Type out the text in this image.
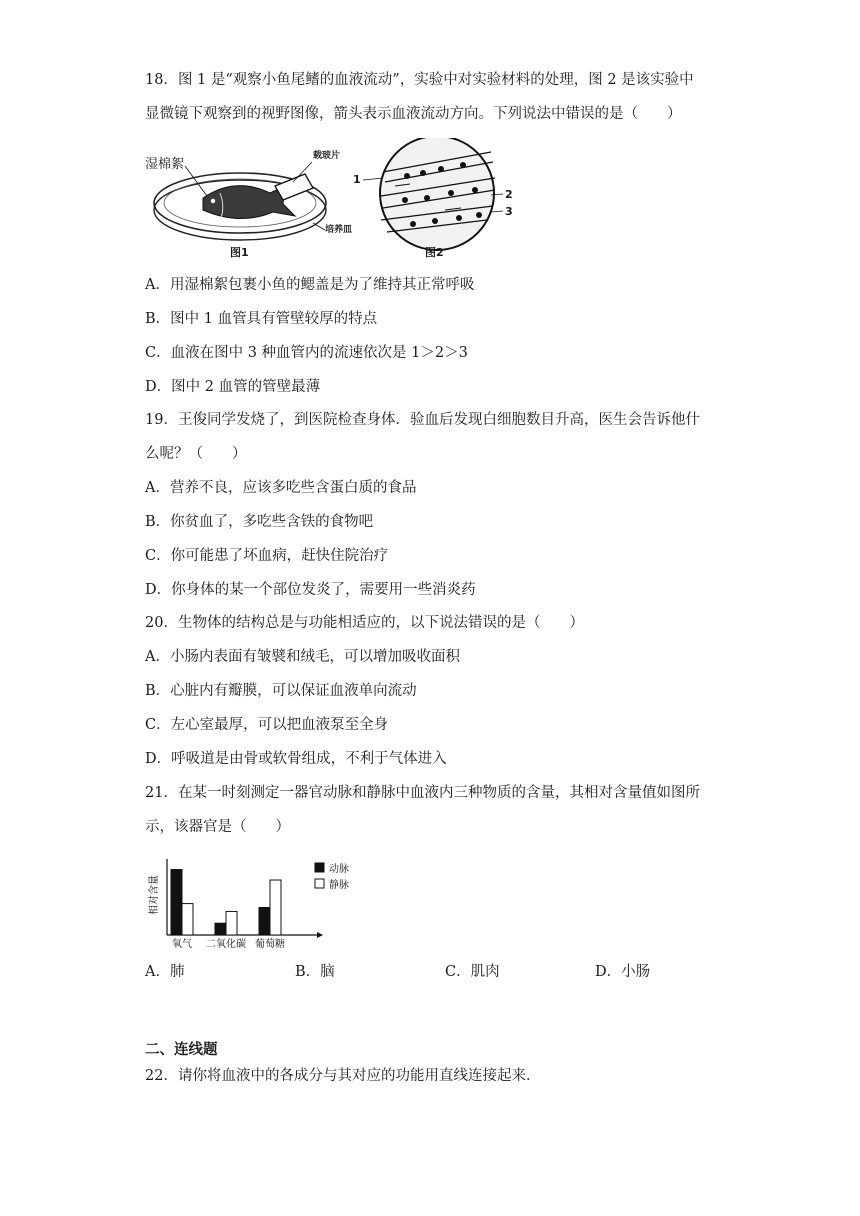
18．图 1 是“观察小鱼尾鳍的血液流动”，实验中对实验材料的处理，图 2 是该实验中
显微镜下观察到的视野图像，箭头表示血液流动方向。下列说法中错误的是（　　）
湿棉絮
载玻片
培养皿
图1	图2
1
2
3
A．用湿棉絮包裹小鱼的鳃盖是为了维持其正常呼吸
B．图中 1 血管具有管壁较厚的特点
C．血液在图中 3 种血管内的流速依次是 1＞2＞3
D．图中 2 血管的管壁最薄
19．王俊同学发烧了，到医院检查身体．验血后发现白细胞数目升高，医生会告诉他什
么呢？（　　）
A．营养不良，应该多吃些含蛋白质的食品
B．你贫血了，多吃些含铁的食物吧
C．你可能患了坏血病，赶快住院治疗
D．你身体的某一个部位发炎了，需要用一些消炎药
20．生物体的结构总是与功能相适应的，以下说法错误的是（　　）
A．小肠内表面有皱襞和绒毛，可以增加吸收面积
B．心脏内有瓣膜，可以保证血液单向流动
C．左心室最厚，可以把血液泵至全身
D．呼吸道是由骨或软骨组成，不利于气体进入
21．在某一时刻测定一器官动脉和静脉中血液内三种物质的含量，其相对含量值如图所
示，该器官是（　　）
相对含量
氧气 二氧化碳 葡萄糖
动脉
静脉
A．肺	B．脑	C．肌肉	D．小肠
二、连线题
22．请你将血液中的各成分与其对应的功能用直线连接起来．
